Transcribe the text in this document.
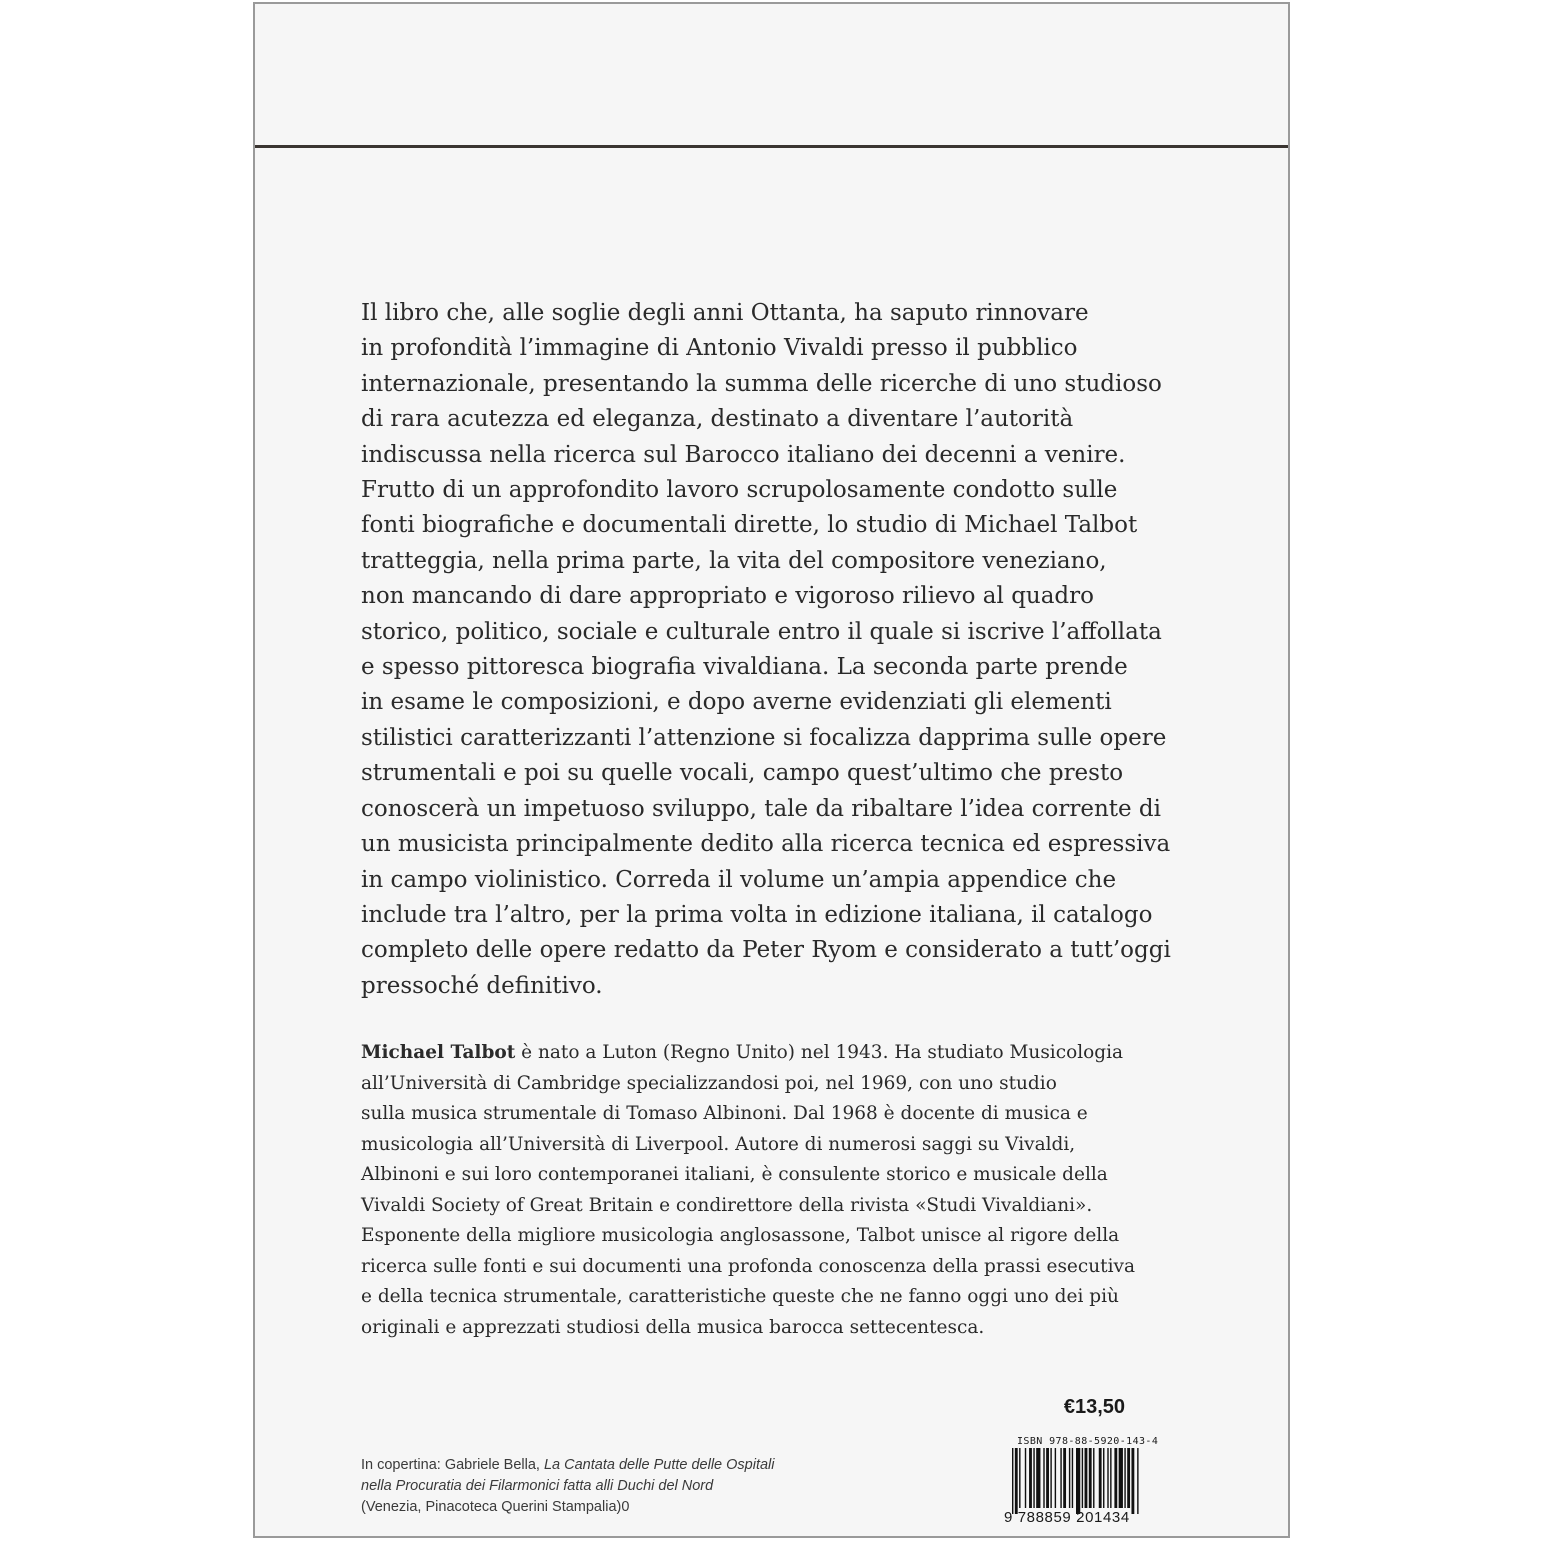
Il libro che, alle soglie degli anni Ottanta, ha saputo rinnovare
in profondità l’immagine di Antonio Vivaldi presso il pubblico
internazionale, presentando la summa delle ricerche di uno studioso
di rara acutezza ed eleganza, destinato a diventare l’autorità
indiscussa nella ricerca sul Barocco italiano dei decenni a venire.
Frutto di un approfondito lavoro scrupolosamente condotto sulle
fonti biografiche e documentali dirette, lo studio di Michael Talbot
tratteggia, nella prima parte, la vita del compositore veneziano,
non mancando di dare appropriato e vigoroso rilievo al quadro
storico, politico, sociale e culturale entro il quale si iscrive l’affollata
e spesso pittoresca biografia vivaldiana. La seconda parte prende
in esame le composizioni, e dopo averne evidenziati gli elementi
stilistici caratterizzanti l’attenzione si focalizza dapprima sulle opere
strumentali e poi su quelle vocali, campo quest’ultimo che presto
conoscerà un impetuoso sviluppo, tale da ribaltare l’idea corrente di
un musicista principalmente dedito alla ricerca tecnica ed espressiva
in campo violinistico. Correda il volume un’ampia appendice che
include tra l’altro, per la prima volta in edizione italiana, il catalogo
completo delle opere redatto da Peter Ryom e considerato a tutt’oggi
pressoché definitivo.
Michael Talbot è nato a Luton (Regno Unito) nel 1943. Ha studiato Musicologia
all’Università di Cambridge specializzandosi poi, nel 1969, con uno studio
sulla musica strumentale di Tomaso Albinoni. Dal 1968 è docente di musica e
musicologia all’Università di Liverpool. Autore di numerosi saggi su Vivaldi,
Albinoni e sui loro contemporanei italiani, è consulente storico e musicale della
Vivaldi Society of Great Britain e condirettore della rivista «Studi Vivaldiani».
Esponente della migliore musicologia anglosassone, Talbot unisce al rigore della
ricerca sulle fonti e sui documenti una profonda conoscenza della prassi esecutiva
e della tecnica strumentale, caratteristiche queste che ne fanno oggi uno dei più
originali e apprezzati studiosi della musica barocca settecentesca.
€13,50
ISBN 978-88-5920-143-4
9 788859 201434
In copertina: Gabriele Bella, La Cantata delle Putte delle Ospitali
nella Procuratia dei Filarmonici fatta alli Duchi del Nord
(Venezia, Pinacoteca Querini Stampalia)0
